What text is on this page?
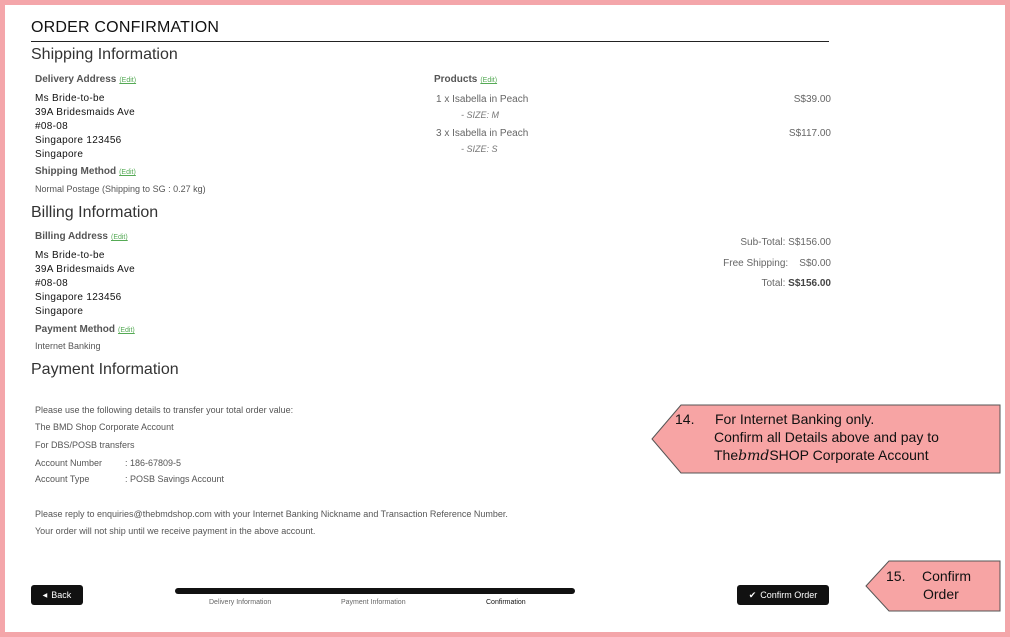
ORDER CONFIRMATION
Shipping Information
Delivery Address (Edit)
Ms Bride-to-be
39A Bridesmaids Ave
#08-08
Singapore 123456
Singapore
Shipping Method (Edit)
Normal Postage (Shipping to SG : 0.27 kg)
Products (Edit)
1 x Isabella in Peach
- SIZE: M
S$39.00
3 x Isabella in Peach
- SIZE: S
S$117.00
Billing Information
Billing Address (Edit)
Ms Bride-to-be
39A Bridesmaids Ave
#08-08
Singapore 123456
Singapore
Payment Method (Edit)
Internet Banking
Sub-Total: S$156.00
Free Shipping: S$0.00
Total: S$156.00
Payment Information
Please use the following details to transfer your total order value:
The BMD Shop Corporate Account
For DBS/POSB transfers
Account Number	: 186-67809-5
Account Type	: POSB Savings Account
Please reply to enquiries@thebmdshop.com with your Internet Banking Nickname and Transaction Reference Number.
Your order will not ship until we receive payment in the above account.
14. For Internet Banking only.
Confirm all Details above and pay to
ThebmdSHOP Corporate Account
15. Confirm
Order
◀ Back
Delivery Information	Payment Information	Confirmation
✔ Confirm Order
